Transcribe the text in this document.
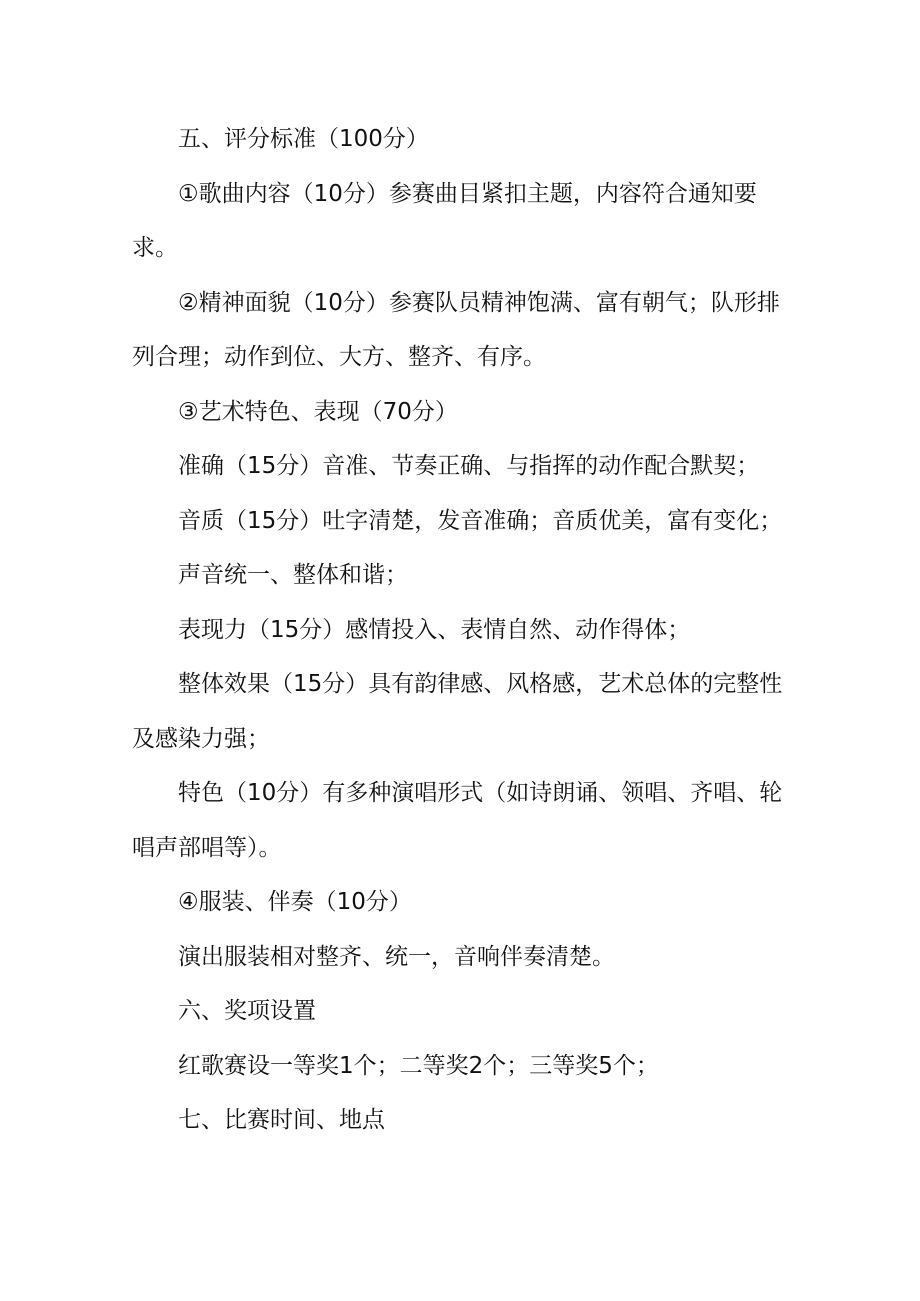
五、评分标准（100分）

①歌曲内容（10分）参赛曲目紧扣主题，内容符合通知要求。

②精神面貌（10分）参赛队员精神饱满、富有朝气；队形排列合理；动作到位、大方、整齐、有序。

③艺术特色、表现（70分）

准确（15分）音准、节奏正确、与指挥的动作配合默契；

音质（15分）吐字清楚，发音准确；音质优美，富有变化；

声音统一、整体和谐；

表现力（15分）感情投入、表情自然、动作得体；

整体效果（15分）具有韵律感、风格感，艺术总体的完整性及感染力强；

特色（10分）有多种演唱形式（如诗朗诵、领唱、齐唱、轮唱声部唱等）。

④服装、伴奏（10分）

演出服装相对整齐、统一，音响伴奏清楚。

六、奖项设置

红歌赛设一等奖1个；二等奖2个；三等奖5个；

七、比赛时间、地点
